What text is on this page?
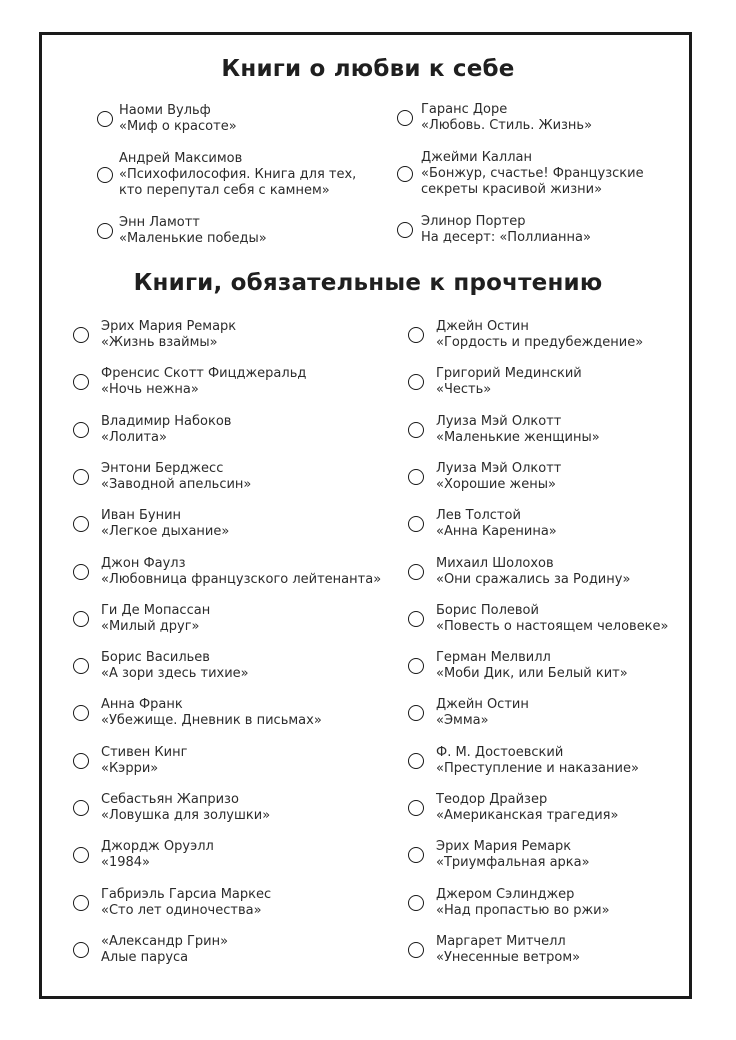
Книги о любви к себе
Книги, обязательные к прочтению
Наоми Вульф
«Миф о красоте»
Андрей Максимов
«Психофилософия. Книга для тех,
кто перепутал себя с камнем»
Энн Ламотт
«Маленькие победы»
Гаранс Доре
«Любовь. Стиль. Жизнь»
Джейми Каллан
«Бонжур, счастье! Французские
секреты красивой жизни»
Элинор Портер
На десерт: «Поллианна»
Эрих Мария Ремарк
«Жизнь взаймы»
Френсис Скотт Фицджеральд
«Ночь нежна»
Владимир Набоков
«Лолита»
Энтони Берджесс
«Заводной апельсин»
Иван Бунин
«Легкое дыхание»
Джон Фаулз
«Любовница французского лейтенанта»
Ги Де Мопассан
«Милый друг»
Борис Васильев
«А зори здесь тихие»
Анна Франк
«Убежище. Дневник в письмах»
Стивен Кинг
«Кэрри»
Себастьян Жапризо
«Ловушка для золушки»
Джордж Оруэлл
«1984»
Габриэль Гарсиа Маркес
«Сто лет одиночества»
«Александр Грин»
Алые паруса
Джейн Остин
«Гордость и предубеждение»
Григорий Мединский
«Честь»
Луиза Мэй Олкотт
«Маленькие женщины»
Луиза Мэй Олкотт
«Хорошие жены»
Лев Толстой
«Анна Каренина»
Михаил Шолохов
«Они сражались за Родину»
Борис Полевой
«Повесть о настоящем человеке»
Герман Мелвилл
«Моби Дик, или Белый кит»
Джейн Остин
«Эмма»
Ф. М. Достоевский
«Преступление и наказание»
Теодор Драйзер
«Американская трагедия»
Эрих Мария Ремарк
«Триумфальная арка»
Джером Сэлинджер
«Над пропастью во ржи»
Маргарет Митчелл
«Унесенные ветром»
